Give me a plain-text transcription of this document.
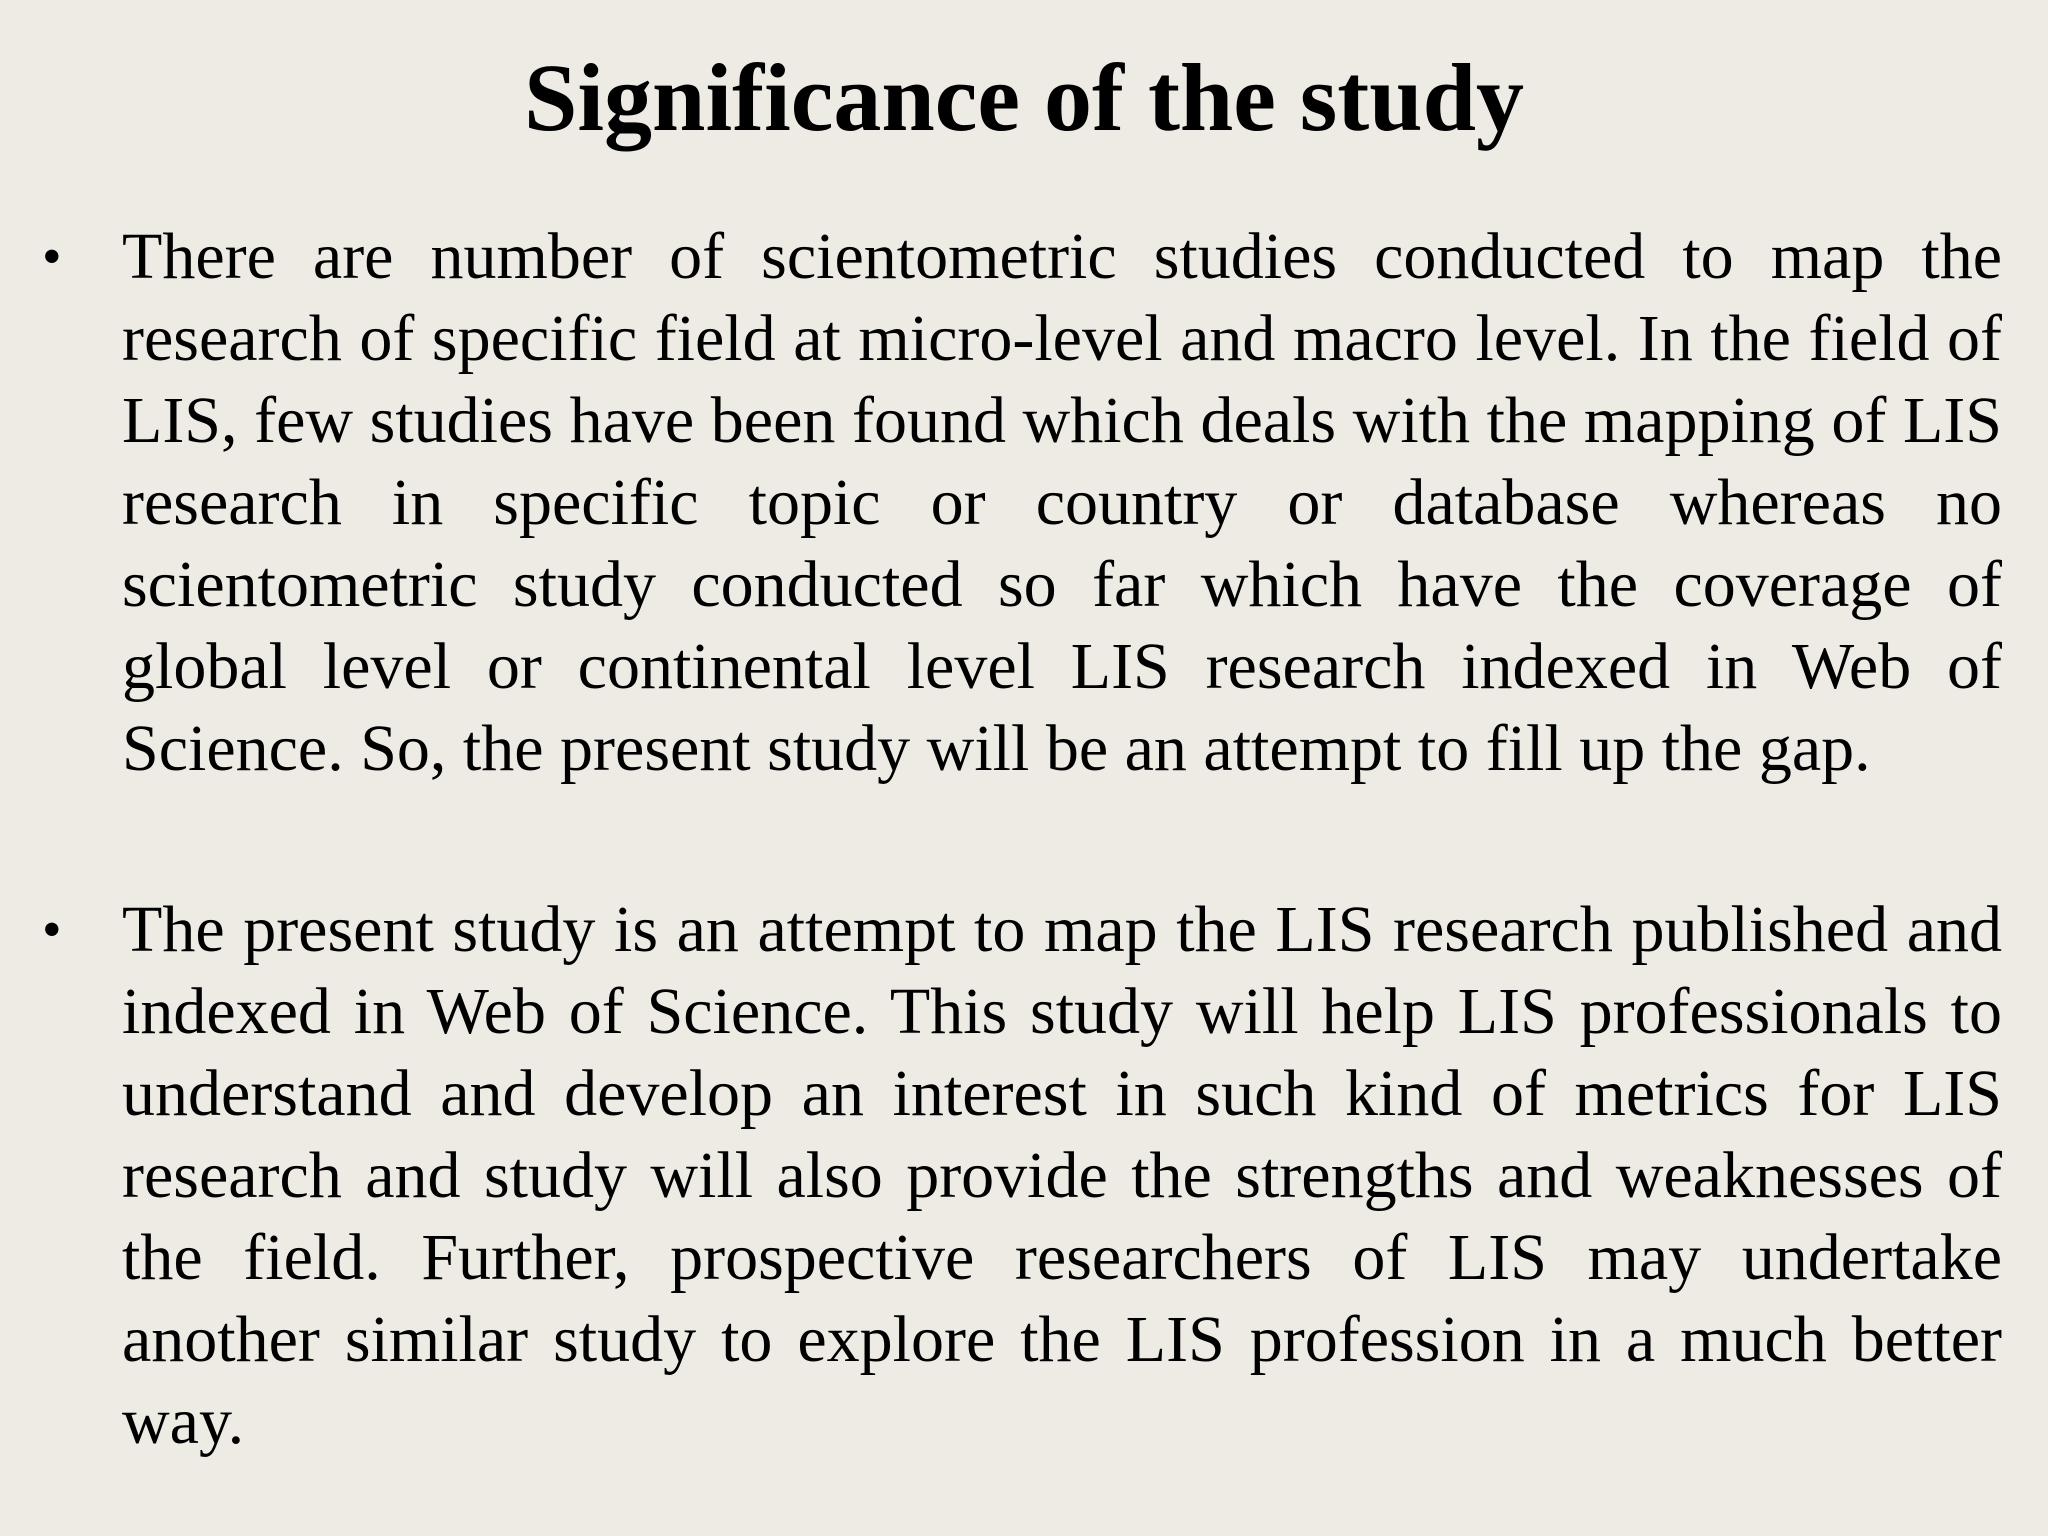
Significance of the study
• There are number of scientometric studies conducted to map the research of specific field at micro-level and macro level. In the field of LIS, few studies have been found which deals with the mapping of LIS research in specific topic or country or database whereas no scientometric study conducted so far which have the coverage of global level or continental level LIS research indexed in Web of Science. So, the present study will be an attempt to fill up the gap.
• The present study is an attempt to map the LIS research published and indexed in Web of Science. This study will help LIS professionals to understand and develop an interest in such kind of metrics for LIS research and study will also provide the strengths and weaknesses of the field. Further, prospective researchers of LIS may undertake another similar study to explore the LIS profession in a much better way.
